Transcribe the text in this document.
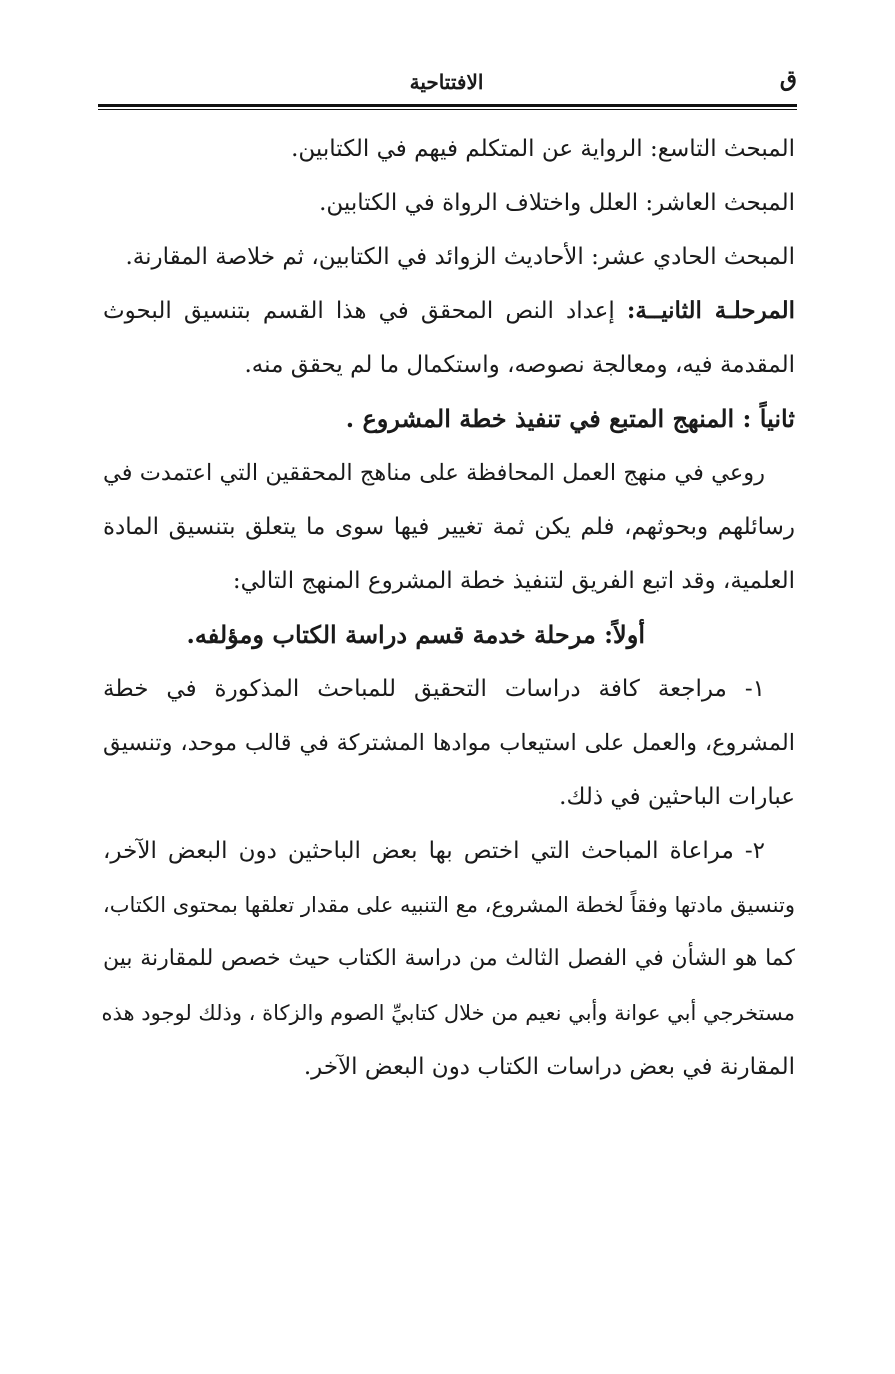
الافتتاحية	ق
المبحث التاسع: الرواية عن المتكلم فيهم في الكتابين.
المبحث العاشر: العلل واختلاف الرواة في الكتابين.
المبحث الحادي عشر: الأحاديث الزوائد في الكتابين، ثم خلاصة المقارنة.
المرحلـة الثانيــة: إعداد النص المحقق في هذا القسم بتنسيق البحوث
المقدمة فيه، ومعالجة نصوصه، واستكمال ما لم يحقق منه.
ثانياً : المنهج المتبع في تنفيذ خطة المشروع .
روعي في منهج العمل المحافظة على مناهج المحققين التي اعتمدت في
رسائلهم وبحوثهم، فلم يكن ثمة تغيير فيها سوى ما يتعلق بتنسيق المادة
العلمية، وقد اتبع الفريق لتنفيذ خطة المشروع المنهج التالي:
أولاً: مرحلة خدمة قسم دراسة الكتاب ومؤلفه.
١- مراجعة كافة دراسات التحقيق للمباحث المذكورة في خطة
المشروع، والعمل على استيعاب موادها المشتركة في قالب موحد، وتنسيق
عبارات الباحثين في ذلك.
٢- مراعاة المباحث التي اختص بها بعض الباحثين دون البعض الآخر،
وتنسيق مادتها وفقاً لخطة المشروع، مع التنبيه على مقدار تعلقها بمحتوى الكتاب،
كما هو الشأن في الفصل الثالث من دراسة الكتاب حيث خصص للمقارنة بين
مستخرجي أبي عوانة وأبي نعيم من خلال كتابيِّ الصوم والزكاة ، وذلك لوجود هذه
المقارنة في بعض دراسات الكتاب دون البعض الآخر.
